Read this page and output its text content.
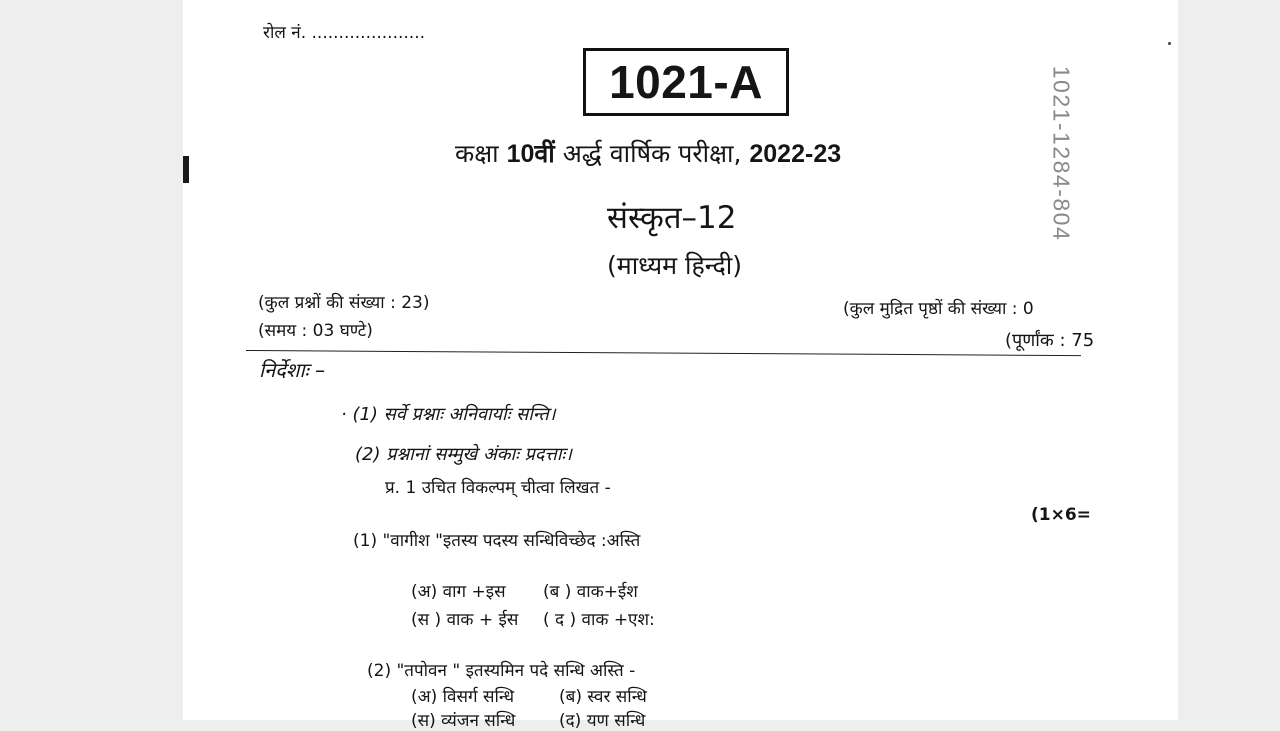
रोल नं. .....................
1021-A
कक्षा 10वीं अर्द्ध वार्षिक परीक्षा, 2022-23	1021-1284-804
संस्कृत–12
(माध्यम हिन्दी)
(कुल प्रश्नों की संख्या : 23)
(समय : 03 घण्टे)
(कुल मुद्रित पृष्ठों की संख्या : 0
(पूर्णांक : 75
निर्देशाः –
· (1) सर्वे प्रश्नाः अनिवार्याः सन्ति।
(2) प्रश्नानां सम्मुखे अंकाः प्रदत्ताः।
प्र. 1 उचित विकल्पम् चीत्वा लिखत -
(1×6=
(1) "वागीश "इतस्य पदस्य सन्धिविच्छेद :अस्ति
(अ) वाग +इस (ब ) वाक+ईश
(स ) वाक + ईस ( द ) वाक +एश:
(2) "तपोवन " इतस्यमिन पदे सन्धि अस्ति -
(अ) विसर्ग सन्धि	(ब) स्वर सन्धि
(स) व्यंजन सन्धि	(द) यण सन्धि
